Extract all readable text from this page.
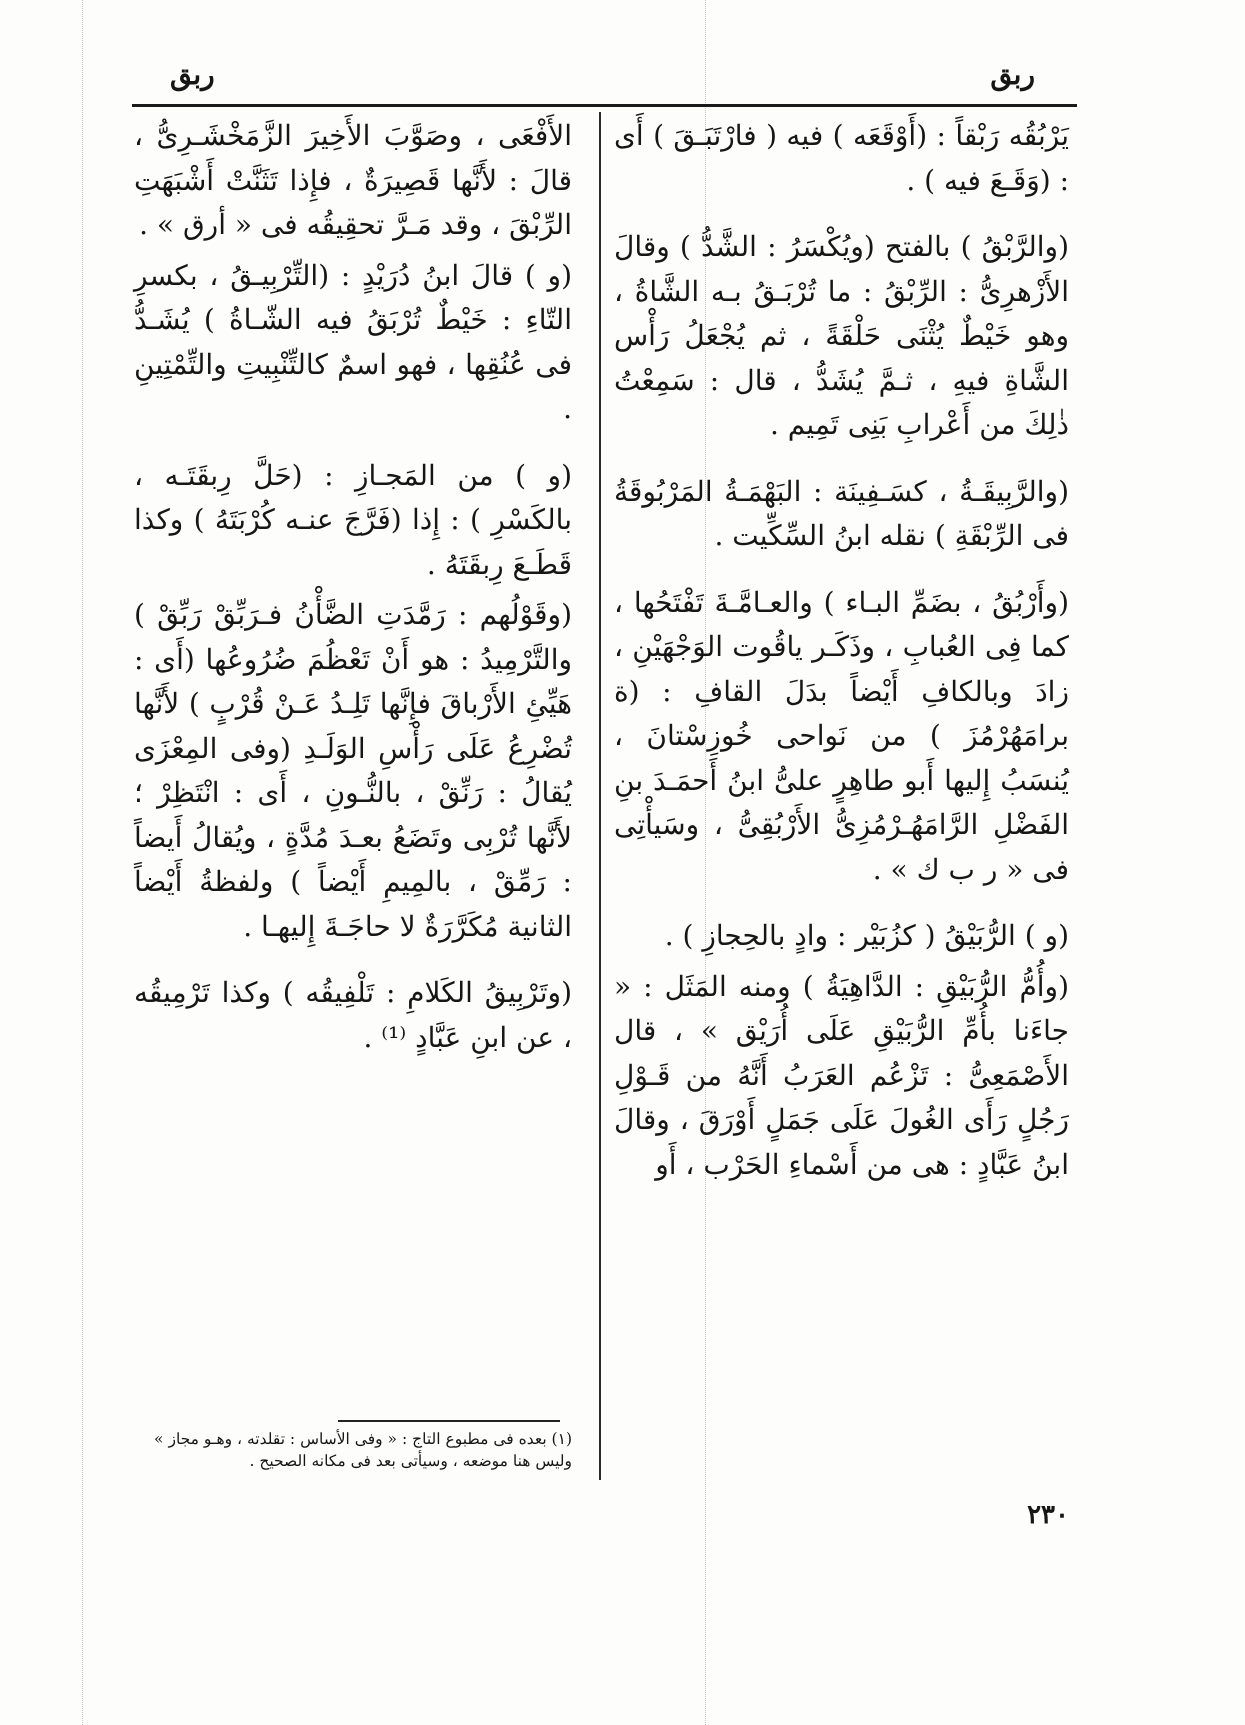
ربق
ربق

يَرْبُقُه رَبْقاً : (أَوْقَعَه ) فيه ( فارْتَبَـقَ ) أَى : (وَقَـعَ فيه ) .

(والرَّبْقُ ) بالفتح (ويُكْسَرُ : الشَّدُّ ) وقالَ الأَزْهرِىُّ : الرِّبْقُ : ما تُرْبَـقُ بـه الشَّاةُ ، وهو خَيْطٌ يُثْنَى حَلْقَةً ، ثم يُجْعَلُ رَأْس الشَّاةِ فيهِ ، ثـمَّ يُشَدُّ ، قال : سَمِعْتُ ذٰلِكَ من أَعْرابِ بَنِى تَمِيم .

(والرَّبِيقَـةُ ، كسَـفِينَة : البَهْمَـةُ المَرْبُوقَةُ فى الرِّبْقَةِ ) نقله ابنُ السِّكِّيت .

(وأَرْبُقُ ، بضَمِّ البـاء ) والعـامَّـةَ تَفْتَحُها ، كما فِى العُبابِ ، وذَكَـر ياقُوت الوَجْهَيْنِ ، زادَ وبالكافِ أَيْضاً بدَلَ القافِ : (ة برامَهُرْمُزَ ) من نَواحى خُوزِسْتانَ ، يُنسَبُ إِليها أَبو طاهِرٍ علىُّ ابنُ أَحمَـدَ بنِ الفَضْلِ الرَّامَهُـرْمُزِىُّ الأَرْبُقِىُّ ، وسَيأْتِى فى « ر ب ك » .

(و ) الرُّبَيْقُ ( كزُبَيْر : وادٍ بالحِجازِ ) .

(وأُمُّ الرُّبَيْقِ : الدَّاهِيَةُ ) ومنه المَثَل : « جاءَنا بأُمِّ الرُّبَيْقِ عَلَى أُرَيْق » ، قال الأَصْمَعِىُّ : تَزْعُم العَرَبُ أَنَّهُ من قَـوْلِ رَجُلٍ رَأَى الغُولَ عَلَى جَمَلٍ أَوْرَقَ ، وقالَ ابنُ عَبَّادٍ : هى من أَسْماءِ الحَرْب ، أَو

الأَفْعَى ، وصَوَّبَ الأَخِيرَ الزَّمَخْشَـرِىُّ ، قالَ : لأَنَّها قَصِيرَةٌ ، فإِذا تَثَنَّتْ أَشْبَهَتِ الرِّبْقَ ، وقد مَـرَّ تحقِيقُه فى « أرق » .

(و ) قالَ ابنُ دُرَيْدٍ : (التِّرْبِيـقُ ، بكسرِ التّاءِ : خَيْطٌ تُرْبَقُ فيه الشّـاةُ ) يُشَـدُّ فى عُنُقِها ، فهو اسمٌ كالتِّنْبِيتِ والتِّمْتِينِ .

(و ) من المَجـازِ : (حَلَّ رِبقَتَـه ، بالكَسْرِ ) : إِذا (فَرَّجَ عنـه كُرْبَتَهُ ) وكذا قَطَـعَ رِبقَتَهُ .

(وقَوْلُهم : رَمَّدَتِ الضَّأْنُ فـرَبِّقْ رَبِّقْ ) والتَّرْمِيدُ : هو أَنْ تَعْظُمَ ضُرُوعُها (أَى : هَيِّئِ الأَرْباقَ فإِنَّها تَلِـدُ عَـنْ قُرْبٍ ) لأَنَّها تُضْرِعُ عَلَى رَأْسِ الوَلَـدِ (وفى المِعْزَى يُقالُ : رَنِّقْ ، بالنُّـونِ ، أَى : انْتَظِرْ ؛ لأَنَّها تُرْبِى وتَضَعُ بعـدَ مُدَّةٍ ، ويُقالُ أَيضاً : رَمِّقْ ، بالمِيمِ أَيْضاً ) ولفظةُ أَيْضاً الثانية مُكَرَّرَةٌ لا حاجَـةَ إِليهـا .

(وتَرْبِيقُ الكَلامِ : تَلْفِيقُه ) وكذا تَرْمِيقُه ، عن ابنِ عَبَّادٍ ⁽¹⁾ .

(١) بعده فى مطبوع التاج : « وفى الأساس : تقلدته ، وهـو مجاز » وليس هنا موضعه ، وسيأتى بعد فى مكانه الصحيح .
٢٣٠
